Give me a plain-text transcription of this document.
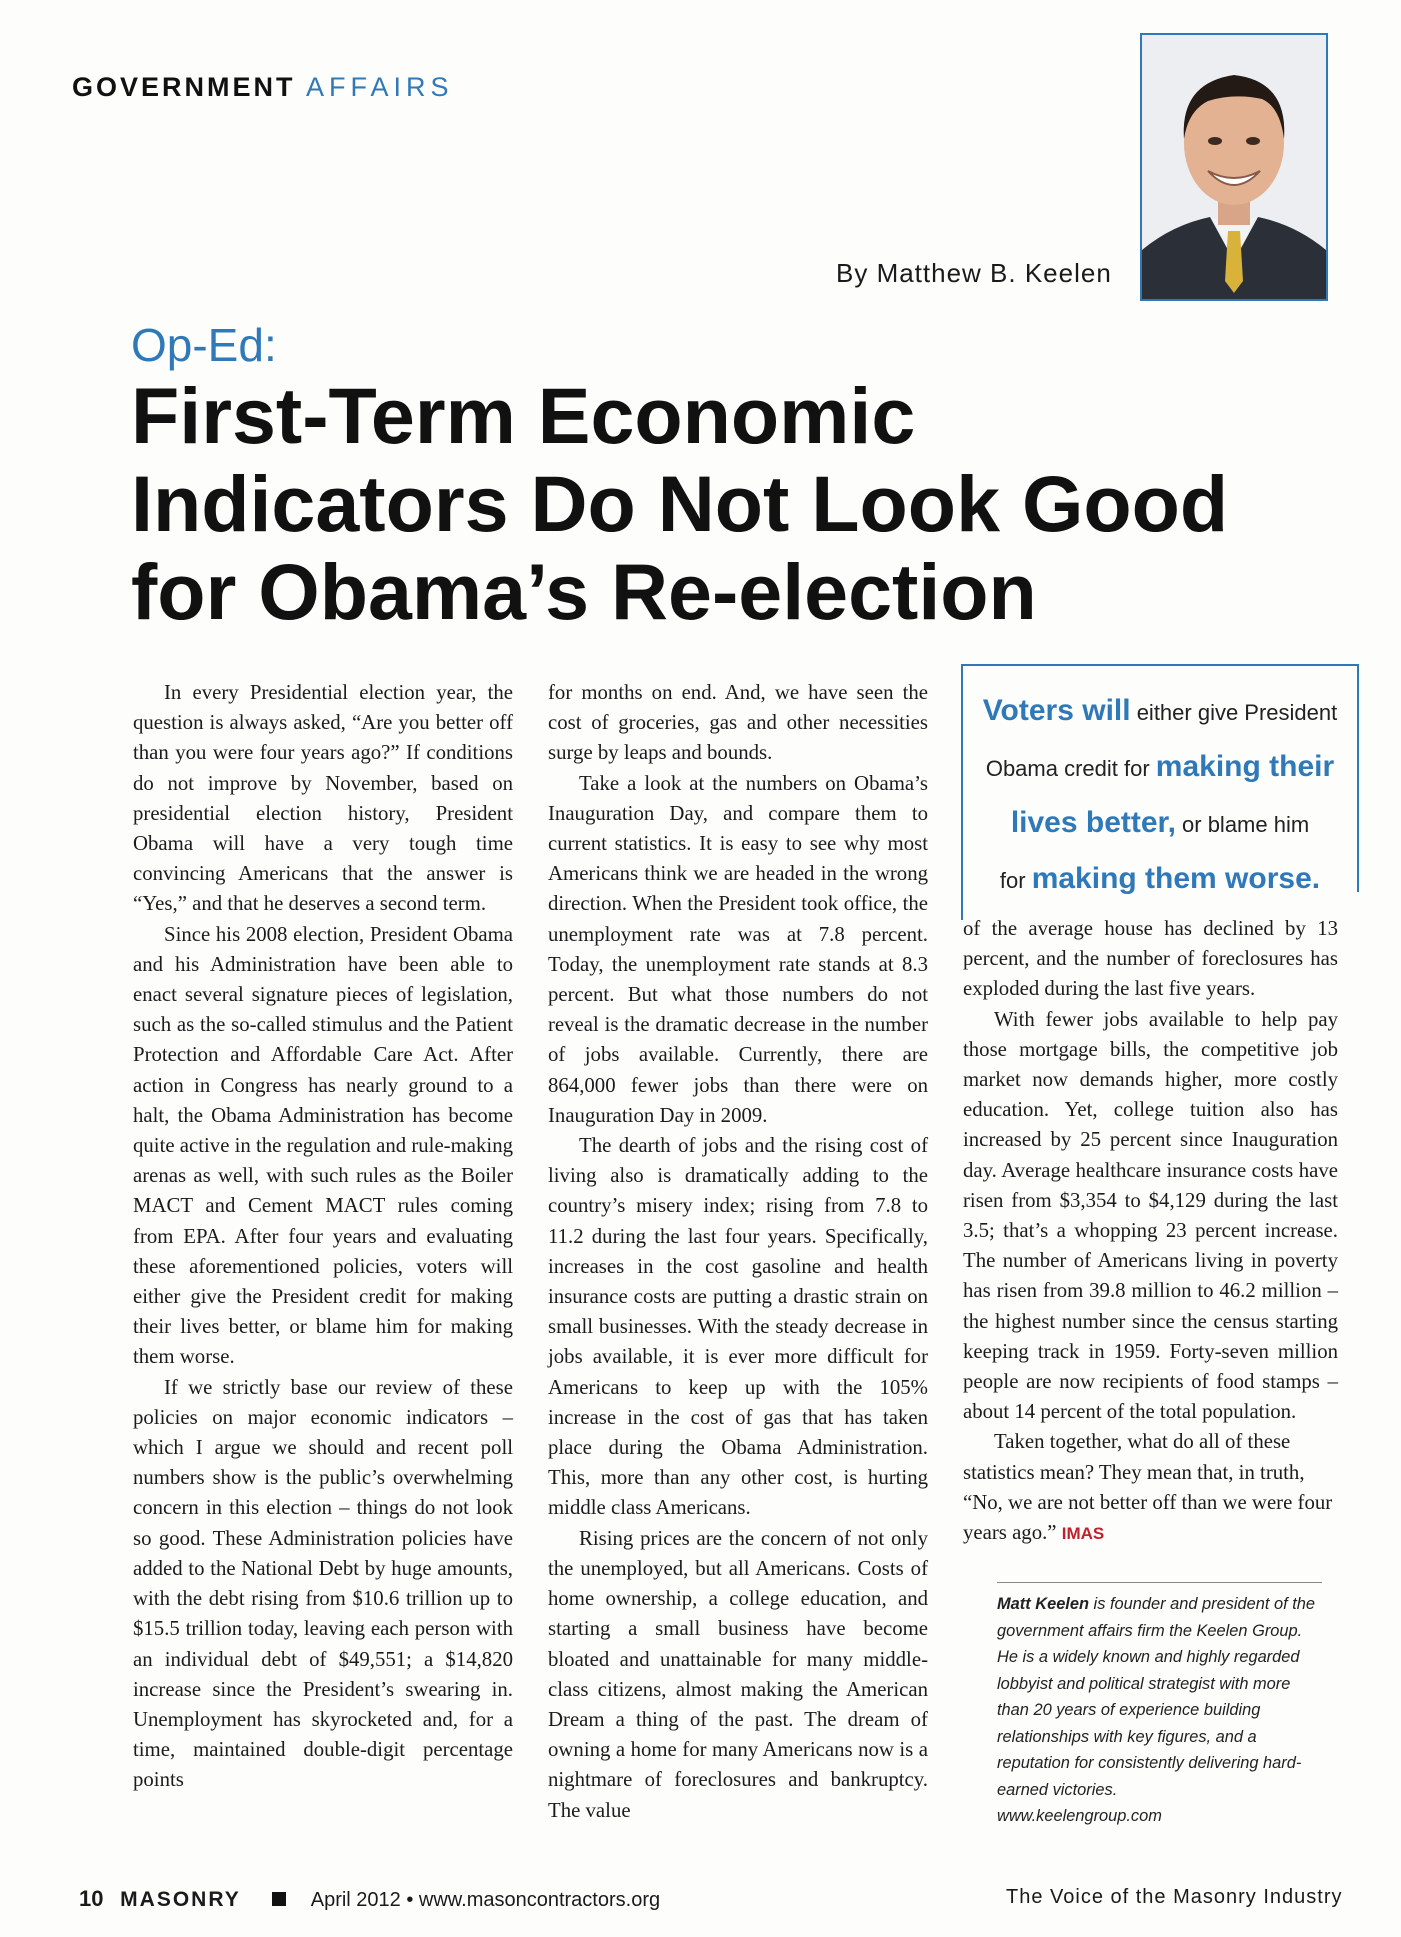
GOVERNMENT AFFAIRS
By Matthew B. Keelen
Op-Ed:
First-Term Economic
Indicators Do Not Look Good
for Obama’s Re-election

In every Presidential election year, the question is always asked, “Are you better off than you were four years ago?” If conditions do not improve by November, based on presidential election history, President Obama will have a very tough time convincing Americans that the answer is “Yes,” and that he deserves a second term.

Since his 2008 election, President Obama and his Administration have been able to enact several signature pieces of legislation, such as the so-called stimulus and the Patient Protection and Affordable Care Act. After action in Congress has nearly ground to a halt, the Obama Administration has become quite active in the regulation and rule-making arenas as well, with such rules as the Boiler MACT and Cement MACT rules coming from EPA. After four years and evaluating these aforementioned policies, voters will either give the President credit for making their lives better, or blame him for making them worse.

If we strictly base our review of these policies on major economic indicators – which I argue we should and recent poll numbers show is the public’s overwhelming concern in this election – things do not look so good. These Administration policies have added to the National Debt by huge amounts, with the debt rising from $10.6 trillion up to $15.5 trillion today, leaving each person with an individual debt of $49,551; a $14,820 increase since the President’s swearing in. Unemployment has skyrocketed and, for a time, maintained double-digit percentage points

for months on end. And, we have seen the cost of groceries, gas and other necessities surge by leaps and bounds.

Take a look at the numbers on Obama’s Inauguration Day, and compare them to current statistics. It is easy to see why most Americans think we are headed in the wrong direction. When the President took office, the unemployment rate was at 7.8 percent. Today, the unemployment rate stands at 8.3 percent. But what those numbers do not reveal is the dramatic decrease in the number of jobs available. Currently, there are 864,000 fewer jobs than there were on Inauguration Day in 2009.

The dearth of jobs and the rising cost of living also is dramatically adding to the country’s misery index; rising from 7.8 to 11.2 during the last four years. Specifically, increases in the cost gasoline and health insurance costs are putting a drastic strain on small businesses. With the steady decrease in jobs available, it is ever more difficult for Americans to keep up with the 105% increase in the cost of gas that has taken place during the Obama Administration. This, more than any other cost, is hurting middle class Americans.

Rising prices are the concern of not only the unemployed, but all Americans. Costs of home ownership, a college education, and starting a small business have become bloated and unattainable for many middle-class citizens, almost making the American Dream a thing of the past. The dream of owning a home for many Americans now is a nightmare of foreclosures and bankruptcy. The value

Voters will either give President
Obama credit for making their
lives better, or blame him
for making them worse.

of the average house has declined by 13 percent, and the number of foreclosures has exploded during the last five years.

With fewer jobs available to help pay those mortgage bills, the competitive job market now demands higher, more costly education. Yet, college tuition also has increased by 25 percent since Inauguration day. Average healthcare insurance costs have risen from $3,354 to $4,129 during the last 3.5; that’s a whopping 23 percent increase. The number of Americans living in poverty has risen from 39.8 million to 46.2 million – the highest number since the census starting keeping track in 1959. Forty-seven million people are now recipients of food stamps – about 14 percent of the total population.

Taken together, what do all of these statistics mean? They mean that, in truth, “No, we are not better off than we were four years ago.” IMAS

Matt Keelen is founder and president of the government affairs firm the Keelen Group. He is a widely known and highly regarded lobbyist and political strategist with more than 20 years of experience building relationships with key figures, and a reputation for consistently delivering hard-earned victories.
www.keelengroup.com
10 MASONRY	April 2012 • www.masoncontractors.org	The Voice of the Masonry Industry
